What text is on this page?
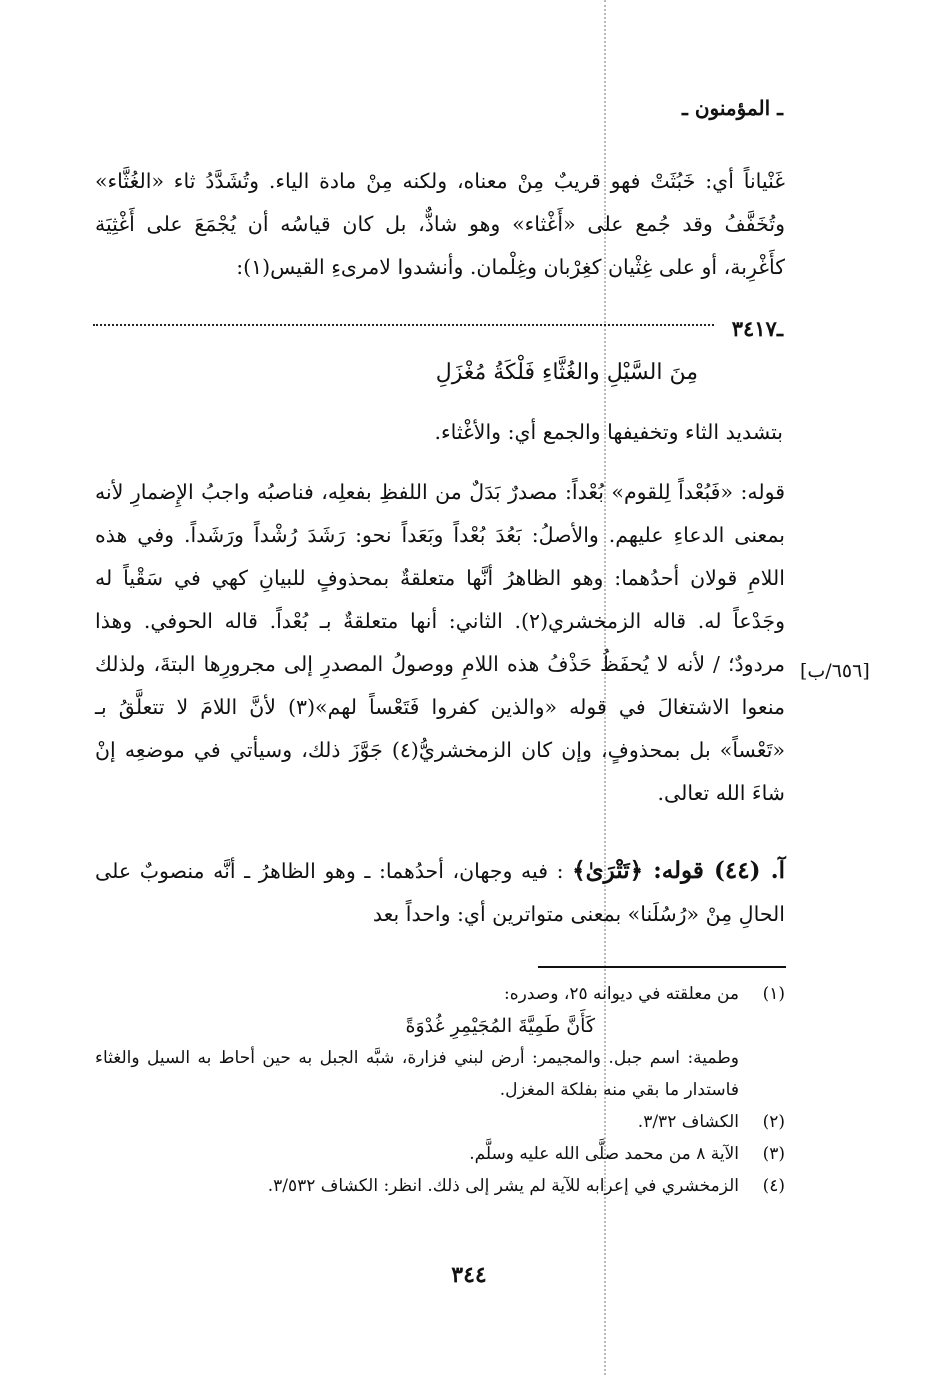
ـ المؤمنون ـ

غَنْياناً أي: خَبُثَتْ فهو قريبٌ مِنْ معناه، ولكنه مِنْ مادة الياء. وتُشَدَّدُ ثاء «الغُثَّاء» وتُخَفَّفُ وقد جُمع على «أَغْثاء» وهو شاذٌّ، بل كان قياسُه أن يُجْمَعَ على أَغْثِيَة كأَغْرِبة، أو على غِثْيان كغِرْبان وغِلْمان. وأنشدوا لامرىءِ القيس(١):

ـ٣٤١٧
مِنَ السَّيْلِ والغُثَّاءِ فَلْكَةُ مُغْزَلِ
بتشديد الثاء وتخفيفها والجمع أي: والأغْثاء.

قوله: «فَبُعْداً لِلقوم» بُعْداً: مصدرٌ بَدَلٌ من اللفظِ بفعلِه، فناصبُه واجبُ الإِضمارِ لأنه بمعنى الدعاءِ عليهم. والأصلُ: بَعُدَ بُعْداً وبَعَداً نحو: رَشَدَ رُشْداً ورَشَداً. وفي هذه اللامِ قولان أحدُهما: وهو الظاهرُ أنَّها متعلقةٌ بمحذوفٍ للبيانِ كهي في سَقْياً له وجَدْعاً له. قاله الزمخشري(٢). الثاني: أنها متعلقةٌ بـ بُعْداً. قاله الحوفي. وهذا مردودٌ؛ / لأنه لا يُحفَظُ حَذْفُ هذه اللامِ ووصولُ المصدرِ إلى مجرورِها البتةَ، ولذلك منعوا الاشتغالَ في قوله «والذين كفروا فَتَعْساً لهم»(٣) لأنَّ اللامَ لا تتعلَّقُ بـ «تَعْساً» بل بمحذوفٍ، وإن كان الزمخشريُّ(٤) جَوَّزَ ذلك، وسيأتي في موضعِه إنْ شاءَ الله تعالى.

[٦٥٦/ب]

آ. (٤٤) قوله: ﴿تَتْرَىٰ﴾ : فيه وجهان، أحدُهما: ـ وهو الظاهرُ ـ أنَّه منصوبٌ على الحالِ مِنْ «رُسُلَنا» بمعنى متواترين أي: واحداً بعد

(١)
من معلقته في ديوانه ٢٥، وصدره:
كَأَنَّ طَمِيَّةَ المُجَيْمِرِ غُدْوَةً
وطمية: اسم جبل. والمجيمر: أرض لبني فزارة، شبَّه الجبل به حين أحاط به السيل والغثاء فاستدار ما بقي منه بفلكة المغزل.
(٢)
الكشاف ٣/٣٢.
(٣)
الآية ٨ من محمد صلَّى الله عليه وسلَّم.
(٤)
الزمخشري في إعرابه للآية لم يشر إلى ذلك. انظر: الكشاف ٣/٥٣٢.
٣٤٤
